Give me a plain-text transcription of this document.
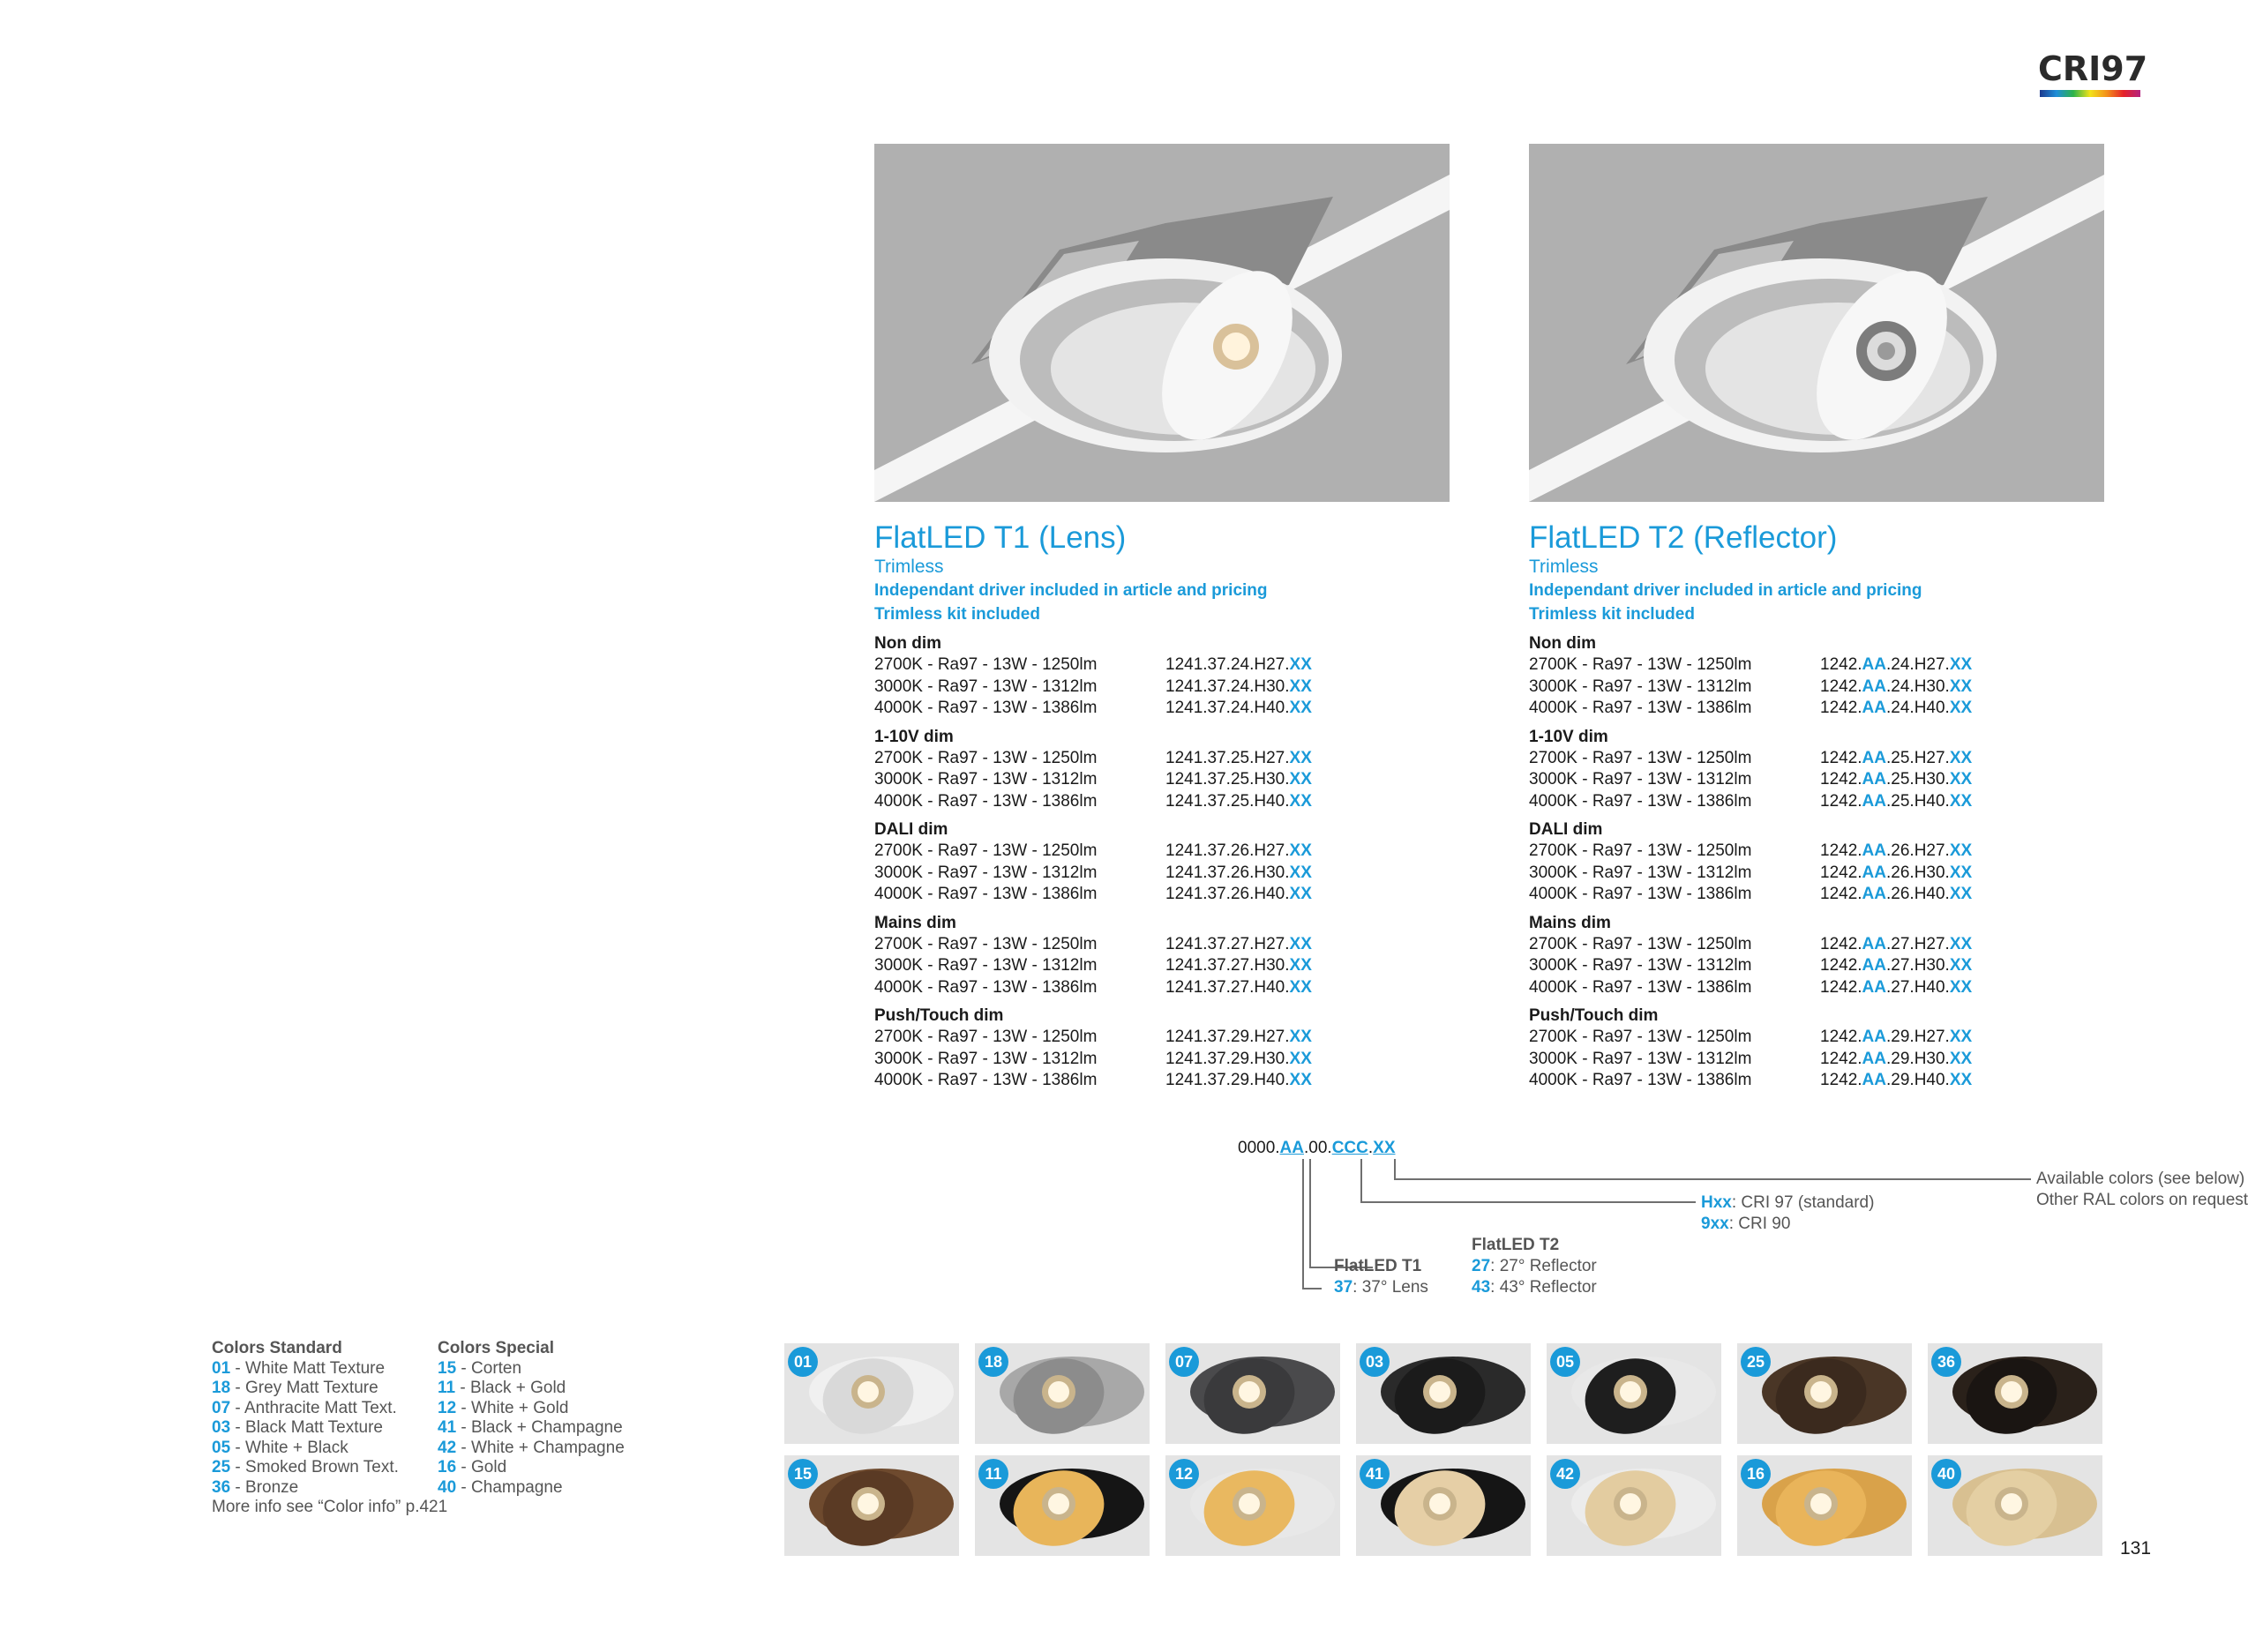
CRI97
FlatLED T1 (Lens)
Trimless
Independant driver included in article and pricing
Trimless kit included
Non dim
2700K - Ra97 - 13W - 1250lm	1241.37.24.H27.XX
3000K - Ra97 - 13W - 1312lm	1241.37.24.H30.XX
4000K - Ra97 - 13W - 1386lm	1241.37.24.H40.XX
1-10V dim
2700K - Ra97 - 13W - 1250lm	1241.37.25.H27.XX
3000K - Ra97 - 13W - 1312lm	1241.37.25.H30.XX
4000K - Ra97 - 13W - 1386lm	1241.37.25.H40.XX
DALI dim
2700K - Ra97 - 13W - 1250lm	1241.37.26.H27.XX
3000K - Ra97 - 13W - 1312lm	1241.37.26.H30.XX
4000K - Ra97 - 13W - 1386lm	1241.37.26.H40.XX
Mains dim
2700K - Ra97 - 13W - 1250lm	1241.37.27.H27.XX
3000K - Ra97 - 13W - 1312lm	1241.37.27.H30.XX
4000K - Ra97 - 13W - 1386lm	1241.37.27.H40.XX
Push/Touch dim
2700K - Ra97 - 13W - 1250lm	1241.37.29.H27.XX
3000K - Ra97 - 13W - 1312lm	1241.37.29.H30.XX
4000K - Ra97 - 13W - 1386lm	1241.37.29.H40.XX
FlatLED T2 (Reflector)
Trimless
Independant driver included in article and pricing
Trimless kit included
Non dim
2700K - Ra97 - 13W - 1250lm	1242.AA.24.H27.XX
3000K - Ra97 - 13W - 1312lm	1242.AA.24.H30.XX
4000K - Ra97 - 13W - 1386lm	1242.AA.24.H40.XX
1-10V dim
2700K - Ra97 - 13W - 1250lm	1242.AA.25.H27.XX
3000K - Ra97 - 13W - 1312lm	1242.AA.25.H30.XX
4000K - Ra97 - 13W - 1386lm	1242.AA.25.H40.XX
DALI dim
2700K - Ra97 - 13W - 1250lm	1242.AA.26.H27.XX
3000K - Ra97 - 13W - 1312lm	1242.AA.26.H30.XX
4000K - Ra97 - 13W - 1386lm	1242.AA.26.H40.XX
Mains dim
2700K - Ra97 - 13W - 1250lm	1242.AA.27.H27.XX
3000K - Ra97 - 13W - 1312lm	1242.AA.27.H30.XX
4000K - Ra97 - 13W - 1386lm	1242.AA.27.H40.XX
Push/Touch dim
2700K - Ra97 - 13W - 1250lm	1242.AA.29.H27.XX
3000K - Ra97 - 13W - 1312lm	1242.AA.29.H30.XX
4000K - Ra97 - 13W - 1386lm	1242.AA.29.H40.XX
0000.AA.00.CCC.XX
Available colors (see below)
Other RAL colors on request
Hxx: CRI 97 (standard)
9xx: CRI 90
FlatLED T2
27: 27° Reflector
43: 43° Reflector
FlatLED T1
37: 37° Lens
Colors Standard
01 - White Matt Texture
18 - Grey Matt Texture
07 - Anthracite Matt Text.
03 - Black Matt Texture
05 - White + Black
25 - Smoked Brown Text.
36 - Bronze
Colors Special
15 - Corten
11 - Black + Gold
12 - White + Gold
41 - Black + Champagne
42 - White + Champagne
16 - Gold
40 - Champagne
More info see “Color info” p.421
01	18	07	03	05	25	36
15	11	12	41	42	16	40
131
